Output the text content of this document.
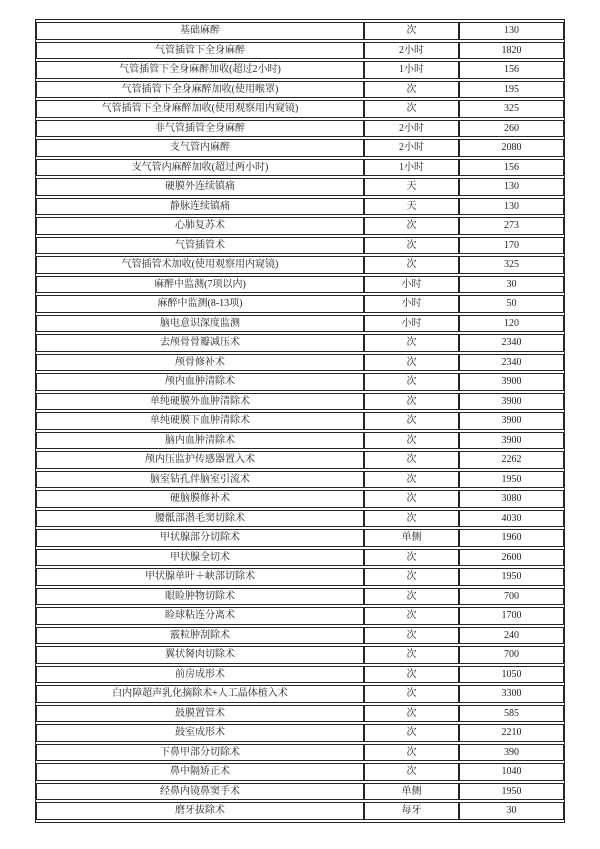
基础麻醉	次	130
气管插管下全身麻醉	2小时	1820
气管插管下全身麻醉加收(超过2小时)	1小时	156
气管插管下全身麻醉加收(使用喉罩)	次	195
气管插管下全身麻醉加收(使用观察用内窥镜)	次	325
非气管插管全身麻醉	2小时	260
支气管内麻醉	2小时	2080
支气管内麻醉加收(超过两小时)	1小时	156
硬膜外连续镇痛	天	130
静脉连续镇痛	天	130
心肺复苏术	次	273
气管插管术	次	170
气管插管术加收(使用观察用内窥镜)	次	325
麻醉中监测(7项以内)	小时	30
麻醉中监测(8-13项)	小时	50
脑电意识深度监测	小时	120
去颅骨骨瓣减压术	次	2340
颅骨修补术	次	2340
颅内血肿清除术	次	3900
单纯硬膜外血肿清除术	次	3900
单纯硬膜下血肿清除术	次	3900
脑内血肿清除术	次	3900
颅内压监护传感器置入术	次	2262
脑室钻孔伴脑室引流术	次	1950
硬脑膜修补术	次	3080
腰骶部潜毛窦切除术	次	4030
甲状腺部分切除术	单侧	1960
甲状腺全切术	次	2600
甲状腺单叶＋峡部切除术	次	1950
眼睑肿物切除术	次	700
睑球粘连分离术	次	1700
霰粒肿刮除术	次	240
翼状胬肉切除术	次	700
前房成形术	次	1050
白内障超声乳化摘除术+人工晶体植入术	次	3300
鼓膜置管术	次	585
鼓室成形术	次	2210
下鼻甲部分切除术	次	390
鼻中隔矫正术	次	1040
经鼻内镜鼻窦手术	单侧	1950
磨牙拔除术	每牙	30
